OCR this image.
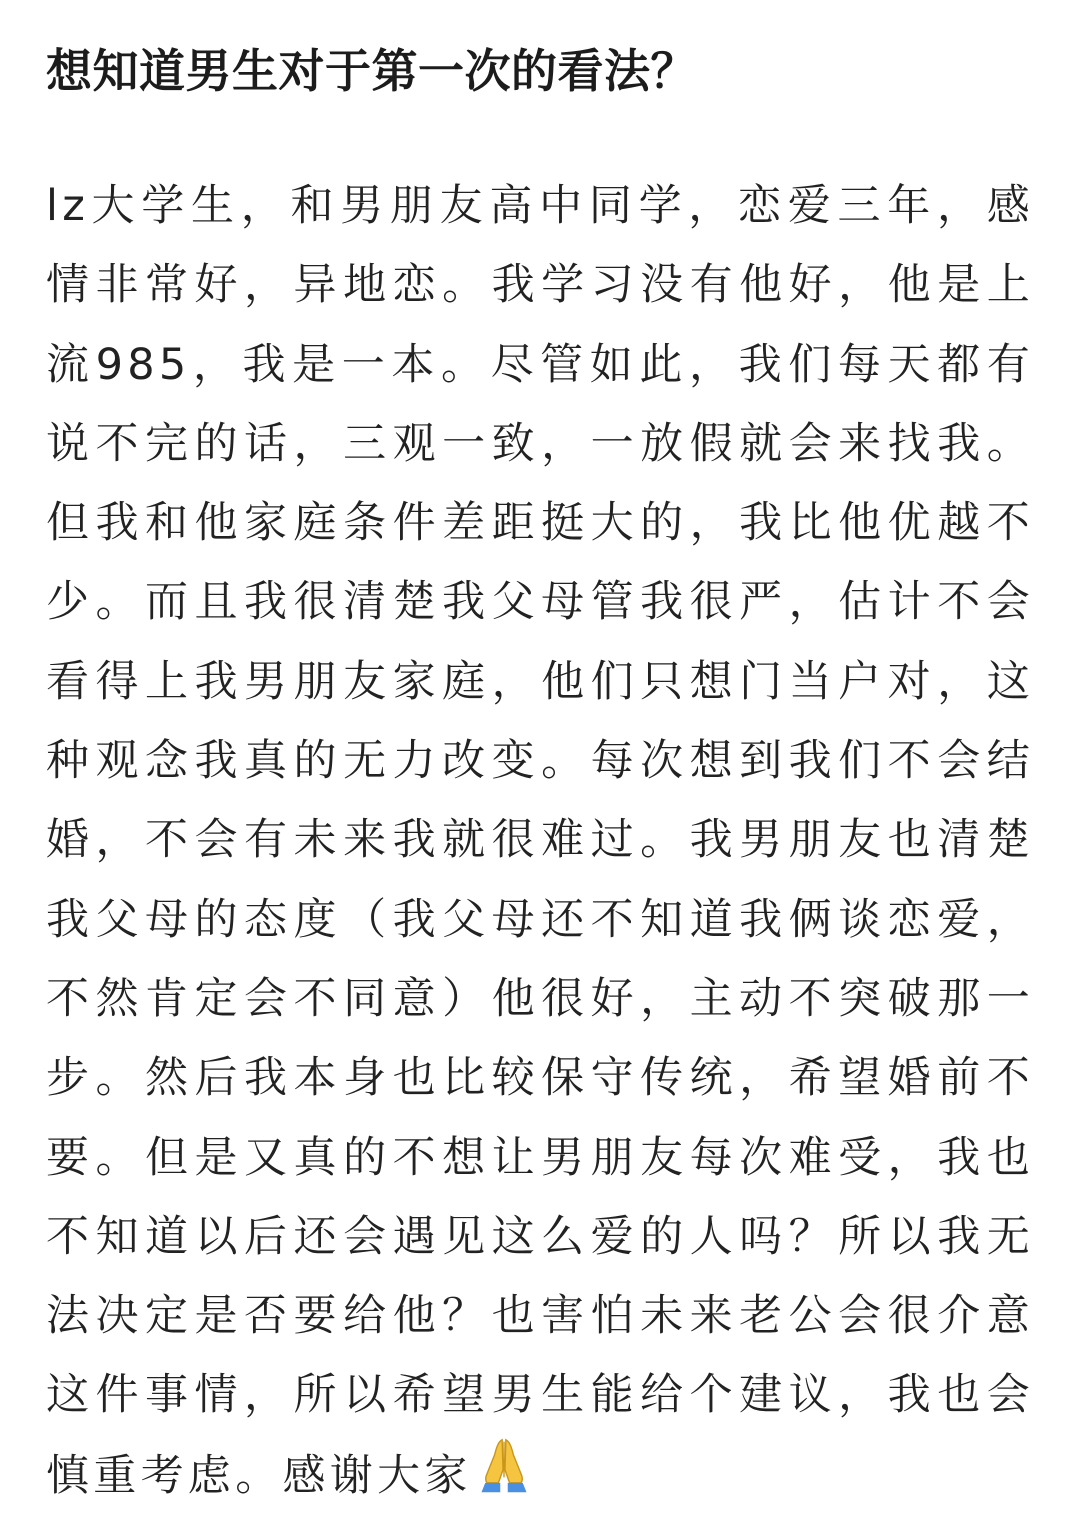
想知道男生对于第一次的看法？
lz大学生，和男朋友高中同学，恋爱三年，感情非常好，异地恋。我学习没有他好，他是上流985，我是一本。尽管如此，我们每天都有说不完的话，三观一致，一放假就会来找我。但我和他家庭条件差距挺大的，我比他优越不少。而且我很清楚我父母管我很严，估计不会看得上我男朋友家庭，他们只想门当户对，这种观念我真的无力改变。每次想到我们不会结婚，不会有未来我就很难过。我男朋友也清楚我父母的态度（我父母还不知道我俩谈恋爱，不然肯定会不同意）他很好，主动不突破那一步。然后我本身也比较保守传统，希望婚前不要。但是又真的不想让男朋友每次难受，我也不知道以后还会遇见这么爱的人吗？所以我无法决定是否要给他？也害怕未来老公会很介意这件事情，所以希望男生能给个建议，我也会慎重考虑。感谢大家
